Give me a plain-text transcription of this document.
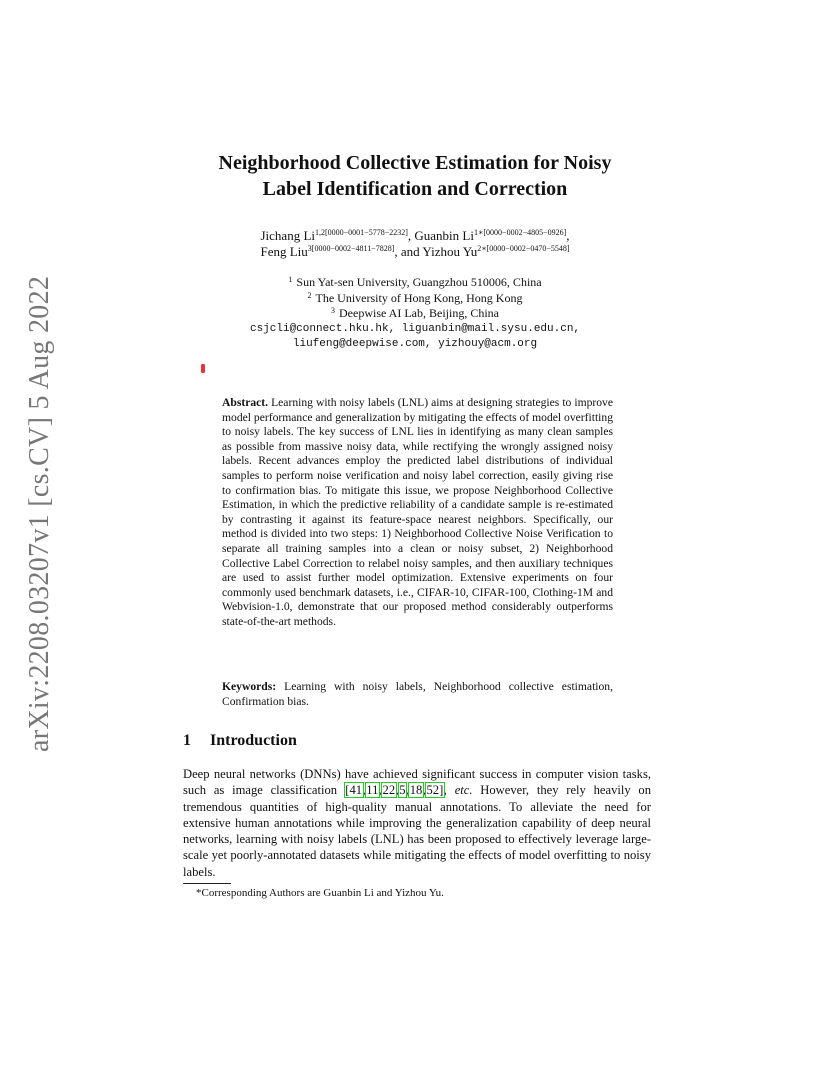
arXiv:2208.03207v1 [cs.CV] 5 Aug 2022
Neighborhood Collective Estimation for Noisy
Label Identification and Correction
Jichang $Li^{1,2[0000-0001-5778-2232]}$, Guanbin $Li^{1∗[0000-0002-4805-0926]}$,
Feng Liu$^{3[0000-0002-4811-7828]}$, and Yizhou $Yu^{2∗[0000-0002-0470-5548]}$
$^1$ Sun Yat-sen University, Guangzhou 510006, China
$^2$ The University of Hong Kong, Hong Kong
$^3$ Deepwise AI Lab, Beijing, China
csjcli@connect.hku.hk, liguanbin@mail.sysu.edu.cn,
liufeng@deepwise.com, yizhouy@acm.org
Abstract. Learning with noisy labels (LNL) aims at designing strategies to improve model performance and generalization by mitigating the effects of model overfitting to noisy labels. The key success of LNL lies in identifying as many clean samples as possible from massive noisy data, while rectifying the wrongly assigned noisy labels. Recent advances employ the predicted label distributions of individual samples to perform noise verification and noisy label correction, easily giving rise to confirmation bias. To mitigate this issue, we propose Neighborhood Collective Estimation, in which the predictive reliability of a candidate sample is re-estimated by contrasting it against its feature-space nearest neighbors. Specifically, our method is divided into two steps: 1) Neighborhood Collective Noise Verification to separate all training samples into a clean or noisy subset, 2) Neighborhood Collective Label Correction to relabel noisy samples, and then auxiliary techniques are used to assist further model optimization. Extensive experiments on four commonly used benchmark datasets, i.e., CIFAR-10, CIFAR-100, Clothing-1M and Webvision-1.0, demonstrate that our proposed method considerably outperforms state-of-the-art methods.
Keywords: Learning with noisy labels, Neighborhood collective estimation, Confirmation bias.
1 Introduction
Deep neural networks (DNNs) have achieved significant success in computer vision tasks, such as image classification [41,11,22,5,18,52], etc. However, they rely heavily on tremendous quantities of high-quality manual annotations. To alleviate the need for extensive human annotations while improving the generalization capability of deep neural networks, learning with noisy labels (LNL) has been proposed to effectively leverage large-scale yet poorly-annotated datasets while mitigating the effects of model overfitting to noisy labels.
*Corresponding Authors are Guanbin Li and Yizhou Yu.
